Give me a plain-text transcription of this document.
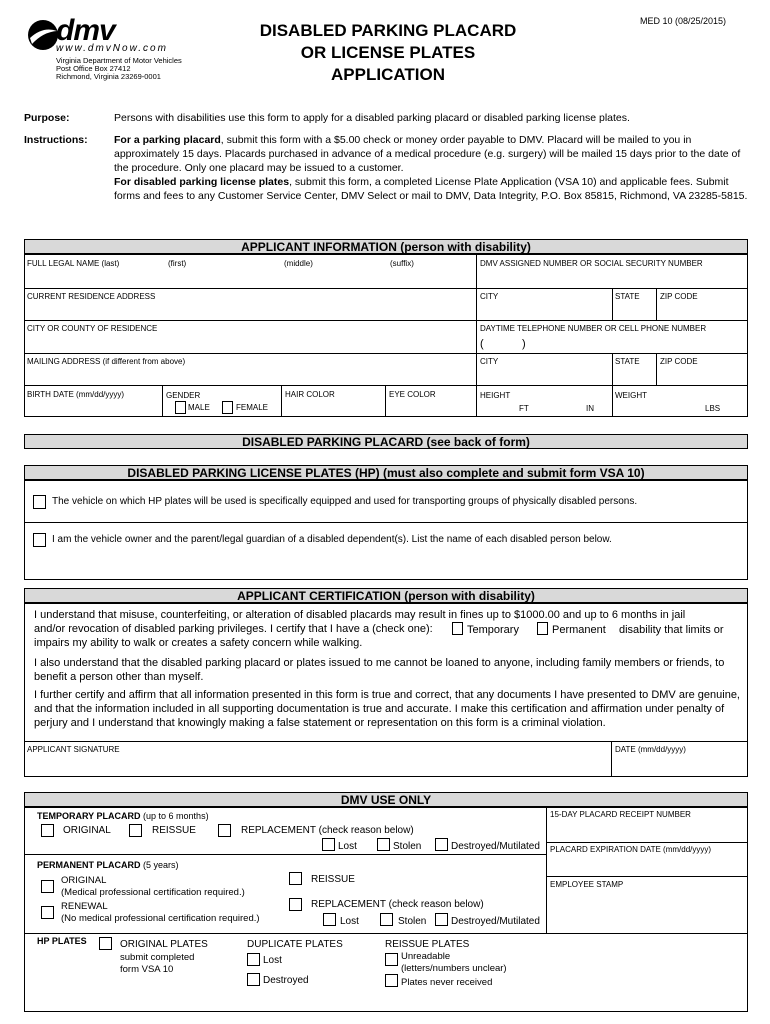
dmv
www.dmvNow.com
Virginia Department of Motor Vehicles
Post Office Box 27412
Richmond, Virginia 23269-0001
DISABLED PARKING PLACARD
OR LICENSE PLATES
APPLICATION
MED 10 (08/25/2015)
Purpose:	Persons with disabilities use this form to apply for a disabled parking placard or disabled parking license plates.
Instructions:	For a parking placard, submit this form with a $5.00 check or money order payable to DMV. Placard will be mailed to you in approximately 15 days. Placards purchased in advance of a medical procedure (e.g. surgery) will be mailed 15 days prior to the date of the procedure. Only one placard may be issued to a customer.
For disabled parking license plates, submit this form, a completed License Plate Application (VSA 10) and applicable fees. Submit forms and fees to any Customer Service Center, DMV Select or mail to DMV, Data Integrity, P.O. Box 85815, Richmond, VA 23285-5815.
APPLICANT INFORMATION (person with disability)
FULL LEGAL NAME (last)	(first)	(middle)	(suffix)	DMV ASSIGNED NUMBER OR SOCIAL SECURITY NUMBER
CURRENT RESIDENCE ADDRESS	CITY	STATE	ZIP CODE
CITY OR COUNTY OF RESIDENCE	DAYTIME TELEPHONE NUMBER OR CELL PHONE NUMBER
(	)
MAILING ADDRESS (if different from above)	CITY	STATE	ZIP CODE
BIRTH DATE (mm/dd/yyyy)	GENDER
MALE	FEMALE
HAIR COLOR	EYE COLOR	HEIGHT
FT	IN
WEIGHT
LBS
DISABLED PARKING PLACARD (see back of form)
DISABLED PARKING LICENSE PLATES (HP) (must also complete and submit form VSA 10)
The vehicle on which HP plates will be used is specifically equipped and used for transporting groups of physically disabled persons.
I am the vehicle owner and the parent/legal guardian of a disabled dependent(s). List the name of each disabled person below.
APPLICANT CERTIFICATION (person with disability)
I understand that misuse, counterfeiting, or alteration of disabled placards may result in fines up to $1000.00 and up to 6 months in jail
and/or revocation of disabled parking privileges. I certify that I have a (check one):	Temporary	Permanent disability that limits or
impairs my ability to walk or creates a safety concern while walking.
I also understand that the disabled parking placard or plates issued to me cannot be loaned to anyone, including family members or friends, to benefit a person other than myself.
I further certify and affirm that all information presented in this form is true and correct, that any documents I have presented to DMV are genuine, and that the information included in all supporting documentation is true and accurate. I make this certification and affirmation under penalty of perjury and I understand that knowingly making a false statement or representation on this form is a criminal violation.
APPLICANT SIGNATURE	DATE (mm/dd/yyyy)
DMV USE ONLY
TEMPORARY PLACARD (up to 6 months)
ORIGINAL	REISSUE	REPLACEMENT (check reason below)
Lost	Stolen	Destroyed/Mutilated
PERMANENT PLACARD (5 years)
ORIGINAL
(Medical professional certification required.)
RENEWAL
(No medical professional certification required.)
REISSUE
REPLACEMENT (check reason below)
Lost	Stolen Destroyed/Mutilated
HP PLATES	ORIGINAL PLATES
submit completed
form VSA 10
DUPLICATE PLATES
Lost
Destroyed
REISSUE PLATES
Unreadable
(letters/numbers unclear)
Plates never received
15-DAY PLACARD RECEIPT NUMBER
PLACARD EXPIRATION DATE (mm/dd/yyyy)
EMPLOYEE STAMP
